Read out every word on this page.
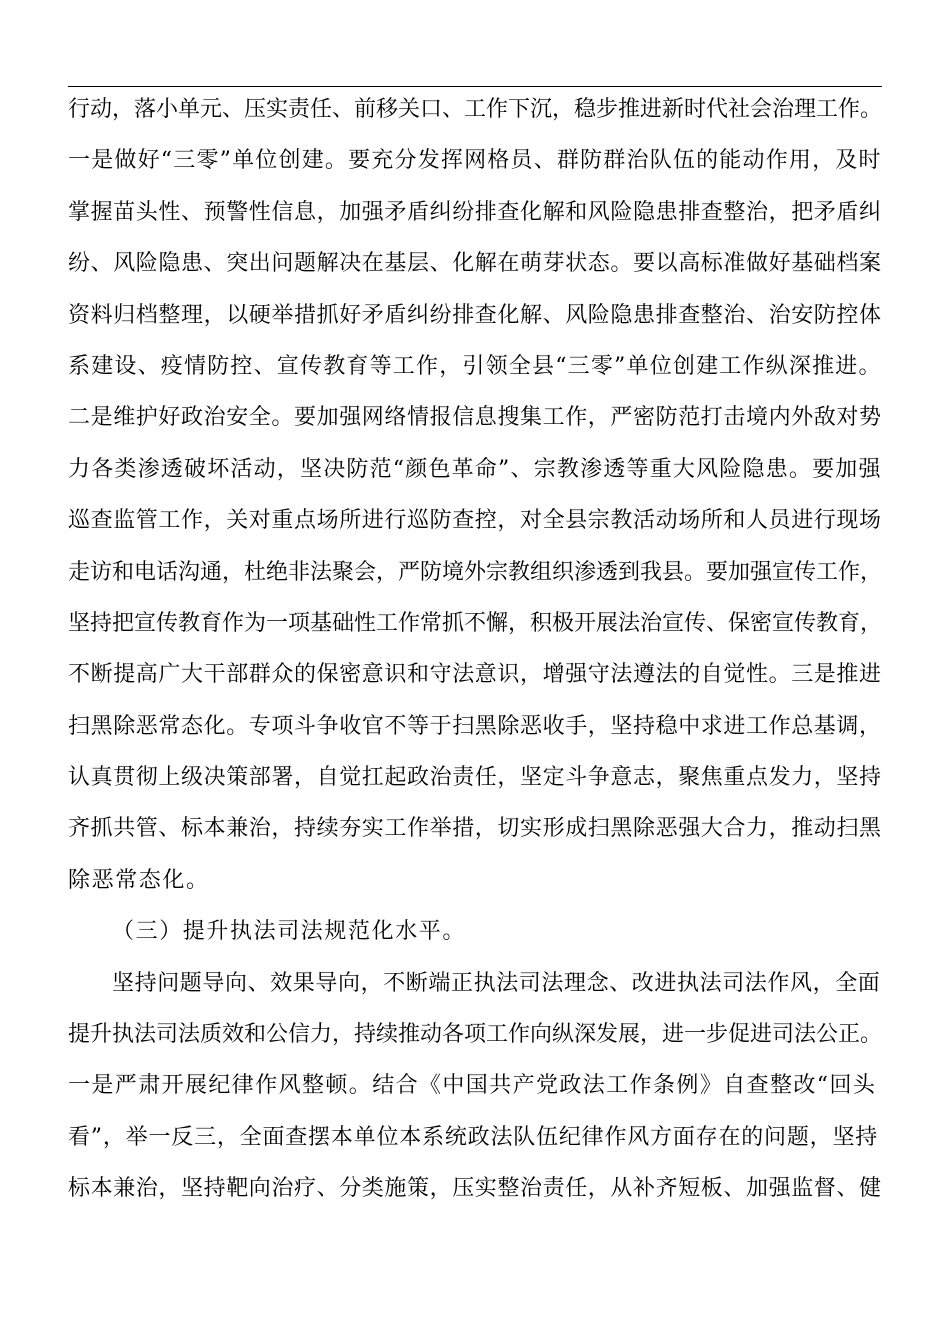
行动，落小单元、压实责任、前移关口、工作下沉，稳步推进新时代社会治理工作。
一是做好“三零”单位创建。要充分发挥网格员、群防群治队伍的能动作用，及时
掌握苗头性、预警性信息，加强矛盾纠纷排查化解和风险隐患排查整治，把矛盾纠
纷、风险隐患、突出问题解决在基层、化解在萌芽状态。要以高标准做好基础档案
资料归档整理，以硬举措抓好矛盾纠纷排查化解、风险隐患排查整治、治安防控体
系建设、疫情防控、宣传教育等工作，引领全县“三零”单位创建工作纵深推进。
二是维护好政治安全。要加强网络情报信息搜集工作，严密防范打击境内外敌对势
力各类渗透破坏活动，坚决防范“颜色革命”、宗教渗透等重大风险隐患。要加强
巡查监管工作，关对重点场所进行巡防查控，对全县宗教活动场所和人员进行现场
走访和电话沟通，杜绝非法聚会，严防境外宗教组织渗透到我县。要加强宣传工作，
坚持把宣传教育作为一项基础性工作常抓不懈，积极开展法治宣传、保密宣传教育，
不断提高广大干部群众的保密意识和守法意识，增强守法遵法的自觉性。三是推进
扫黑除恶常态化。专项斗争收官不等于扫黑除恶收手，坚持稳中求进工作总基调，
认真贯彻上级决策部署，自觉扛起政治责任，坚定斗争意志，聚焦重点发力，坚持
齐抓共管、标本兼治，持续夯实工作举措，切实形成扫黑除恶强大合力，推动扫黑
除恶常态化。
（三）提升执法司法规范化水平。
坚持问题导向、效果导向，不断端正执法司法理念、改进执法司法作风，全面
提升执法司法质效和公信力，持续推动各项工作向纵深发展，进一步促进司法公正。
一是严肃开展纪律作风整顿。结合《中国共产党政法工作条例》自查整改“回头
看”，举一反三，全面查摆本单位本系统政法队伍纪律作风方面存在的问题，坚持
标本兼治，坚持靶向治疗、分类施策，压实整治责任，从补齐短板、加强监督、健
